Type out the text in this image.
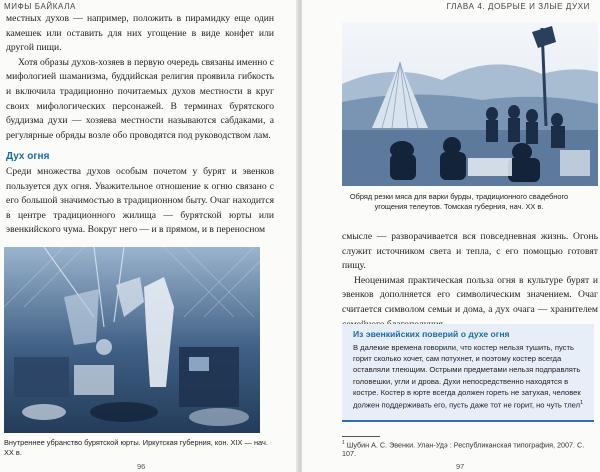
МИФЫ БАЙКАЛА

местных духов — например, положить в пирамидку еще один камешек или оставить для них угощение в виде конфет или другой пищи.

Хотя образы духов-хозяев в первую очередь связаны именно с мифологией шаманизма, буддийская религия проявила гибкость и включила традиционно почитаемых духов местности в круг своих мифологических персонажей. В терминах бурятского буддизма духи — хозяева местности называются сабдаками, а регулярные обряды возле обо проводятся под руководством лам.

Дух огня

Среди множества духов особым почетом у бурят и эвенков пользуется дух огня. Уважительное отношение к огню связано с его большой значимостью в традиционном быту. Очаг находится в центре традиционного жилища — бурятской юрты или эвенкийского чума. Вокруг него — и в прямом, и в переносном

Внутреннее убранство бурятской юрты. Иркутская губерния, кон. XIX — нач. XX в.
96
ГЛАВА 4. ДОБРЫЕ И ЗЛЫЕ ДУХИ
Обряд резки мяса для варки бурды, традиционного свадебного угощения телеутов. Томская губерния, нач. XX в.

смысле — разворачивается вся повседневная жизнь. Огонь служит источником света и тепла, с его помощью готовят пищу.

Неоценимая практическая польза огня в культуре бурят и эвенков дополняется его символическим значением. Очаг считается символом семьи и дома, а дух очага — хранителем

Из эвенкийских поверий о духе огня
В далекие времена говорили, что костер нельзя тушить, пусть горит сколько хочет, сам потухнет, и поэтому костер всегда оставляли тлеющим. Острыми предметами нельзя подправлять головешки, угли и дрова. Духи непосредственно находятся в костре. Костер в юрте всегда должен гореть не затухая, человек должен поддерживать его, пусть даже тот не горит, но чуть тлел$^1$
$^1$ Шубин А. С. Эвенки. Улан-Удэ : Республиканская типография, 2007. С. 107.
97
